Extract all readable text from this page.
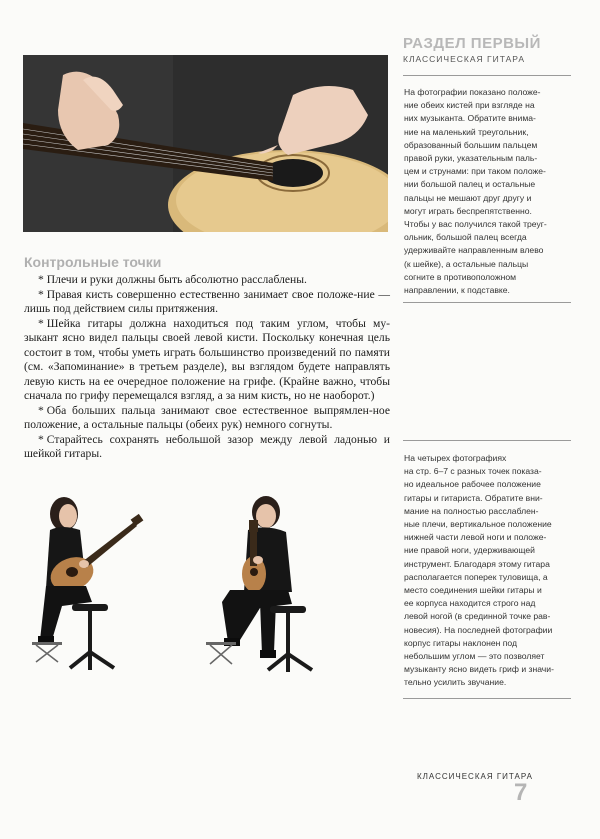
РАЗДЕЛ ПЕРВЫЙ
КЛАССИЧЕСКАЯ ГИТАРА
На фотографии показано положе-
ние обеих кистей при взгляде на
них музыканта. Обратите внима-
ние на маленький треугольник,
образованный большим пальцем
правой руки, указательным паль-
цем и струнами: при таком положе-
нии большой палец и остальные
пальцы не мешают друг другу и
могут играть беспрепятственно.
Чтобы у вас получился такой треуг-
ольник, большой палец всегда
удерживайте направленным влево
(к шейке), а остальные пальцы
согните в противоположном
направлении, к подставке.
Контрольные точки

* Плечи и руки должны быть абсолютно расслаблены.

* Правая кисть совершенно естественно занимает свое положе-ние — лишь под действием силы притяжения.

* Шейка гитары должна находиться под таким углом, чтобы му-зыкант ясно видел пальцы своей левой кисти. Поскольку конечная цель состоит в том, чтобы уметь играть большинство произведений по памяти (см. «Запоминание» в третьем разделе), вы взглядом будете направлять левую кисть на ее очередное положение на грифе. (Крайне важно, чтобы сначала по грифу перемещался взгляд, а за ним кисть, но не наоборот.)

* Оба больших пальца занимают свое естественное выпрямлен-ное положение, а остальные пальцы (обеих рук) немного согнуты.

* Старайтесь сохранять небольшой зазор между левой ладонью и шейкой гитары.	На четырех фотографиях
на стр. 6–7 с разных точек показа-
но идеальное рабочее положение
гитары и гитариста. Обратите вни-
мание на полностью расслаблен-
ные плечи, вертикальное положение
нижней части левой ноги и положе-
ние правой ноги, удерживающей
инструмент. Благодаря этому гитара
располагается поперек туловища, а
место соединения шейки гитары и
ее корпуса находится строго над
левой ногой (в срединной точке рав-
новесия). На последней фотографии
корпус гитары наклонен под
небольшим углом — это позволяет
музыканту ясно видеть гриф и значи-
тельно усилить звучание.
КЛАССИЧЕСКАЯ ГИТАРА
7
